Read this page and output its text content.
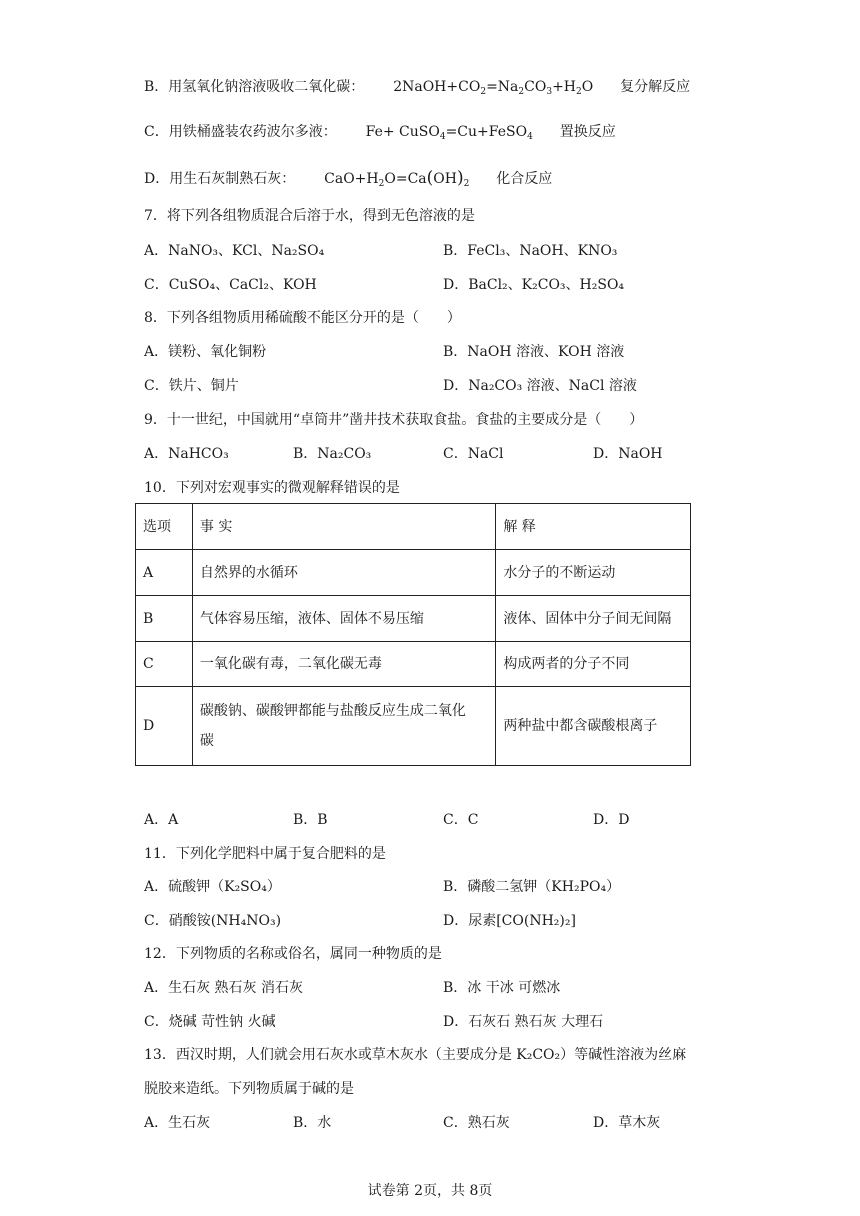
B．用氢氧化钠溶液吸收二氧化碳： $2NaOH+CO_2=Na_2CO_3+H_2O$ 复分解反应
C．用铁桶盛装农药波尔多液： Fe+ CuSO$_4$=Cu+FeSO$_4$ 置换反应
D．用生石灰制熟石灰： $CaO+H_2O=Ca(OH)_2$ 化合反应
7．将下列各组物质混合后溶于水，得到无色溶液的是
A．NaNO₃、KCl、Na₂SO₄	B．FeCl₃、NaOH、KNO₃
C．CuSO₄、CaCl₂、KOH	D．BaCl₂、K₂CO₃、H₂SO₄
8．下列各组物质用稀硫酸不能区分开的是（　　）
A．镁粉、氧化铜粉	B．NaOH 溶液、KOH 溶液
C．铁片、铜片	D．Na₂CO₃ 溶液、NaCl 溶液
9．十一世纪，中国就用“卓筒井”凿井技术获取食盐。食盐的主要成分是（　　）
A．NaHCO₃	B．Na₂CO₃	C．NaCl	D．NaOH
10．下列对宏观事实的微观解释错误的是
选项	事 实	解 释
A	自然界的水循环	水分子的不断运动
B	气体容易压缩，液体、固体不易压缩	液体、固体中分子间无间隔
C	一氧化碳有毒，二氧化碳无毒	构成两者的分子不同
D	碳酸钠、碳酸钾都能与盐酸反应生成二氧化
碳	两种盐中都含碳酸根离子
A．A	B．B	C．C	D．D
11．下列化学肥料中属于复合肥料的是
A．硫酸钾（K₂SO₄）	B．磷酸二氢钾（KH₂PO₄）
C．硝酸铵(NH₄NO₃)	D．尿素[CO(NH₂)₂]
12．下列物质的名称或俗名，属同一种物质的是
A．生石灰 熟石灰 消石灰	B．冰 干冰 可燃冰
C．烧碱 苛性钠 火碱	D．石灰石 熟石灰 大理石
13．西汉时期，人们就会用石灰水或草木灰水（主要成分是 K₂CO₂）等碱性溶液为丝麻
脱胶来造纸。下列物质属于碱的是
A．生石灰	B．水	C．熟石灰	D．草木灰
试卷第 2页，共 8页
